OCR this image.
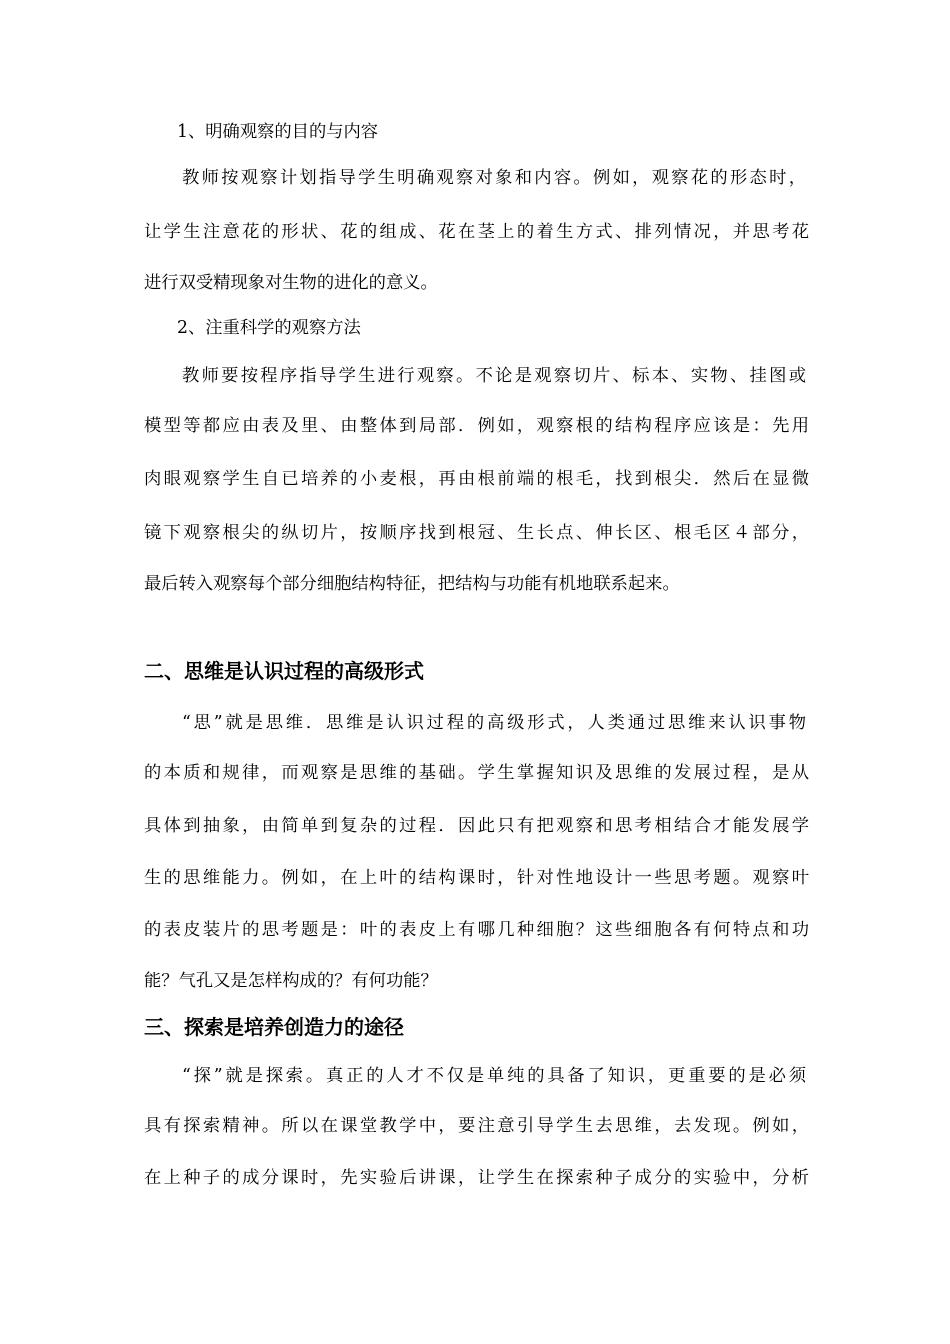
1、明确观察的目的与内容
教师按观察计划指导学生明确观察对象和内容。例如，观察花的形态时，
让学生注意花的形状、花的组成、花在茎上的着生方式、排列情况，并思考花
进行双受精现象对生物的进化的意义。
2、注重科学的观察方法
教师要按程序指导学生进行观察。不论是观察切片、标本、实物、挂图或
模型等都应由表及里、由整体到局部．例如，观察根的结构程序应该是：先用
肉眼观察学生自已培养的小麦根，再由根前端的根毛，找到根尖．然后在显微
镜下观察根尖的纵切片，按顺序找到根冠、生长点、伸长区、根毛区４部分，
最后转入观察每个部分细胞结构特征，把结构与功能有机地联系起来。
二、思维是认识过程的高级形式
“思”就是思维．思维是认识过程的高级形式，人类通过思维来认识事物
的本质和规律，而观察是思维的基础。学生掌握知识及思维的发展过程，是从
具体到抽象，由简单到复杂的过程．因此只有把观察和思考相结合才能发展学
生的思维能力。例如，在上叶的结构课时，针对性地设计一些思考题。观察叶
的表皮装片的思考题是：叶的表皮上有哪几种细胞？这些细胞各有何特点和功
能？气孔又是怎样构成的？有何功能？
三、探索是培养创造力的途径
“探”就是探索。真正的人才不仅是单纯的具备了知识，更重要的是必须
具有探索精神。所以在课堂教学中，要注意引导学生去思维，去发现。例如，
在上种子的成分课时，先实验后讲课，让学生在探索种子成分的实验中，分析
